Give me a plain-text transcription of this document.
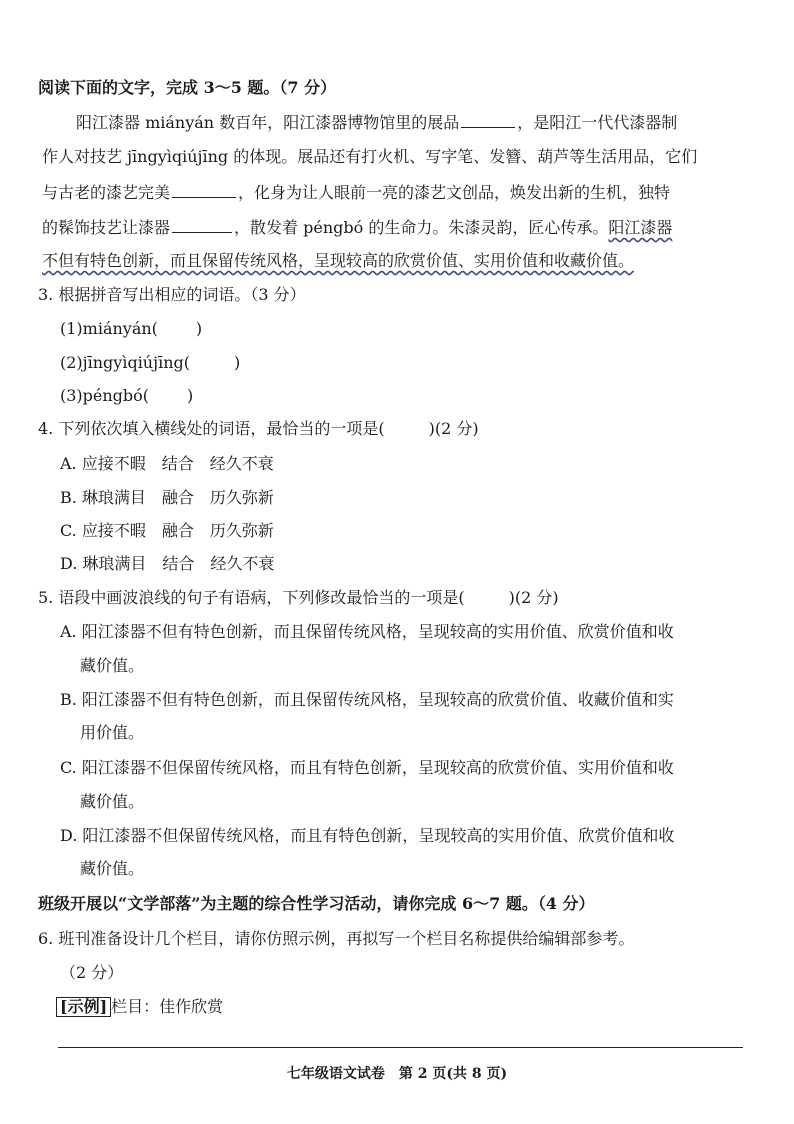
阅读下面的文字，完成 3～5 题。（7 分）
阳江漆器 miányán 数百年，阳江漆器博物馆里的展品	，是阳江一代代漆器制
作人对技艺 jīngyìqiújīng 的体现。展品还有打火机、写字笔、发簪、葫芦等生活用品，它们
与古老的漆艺完美	，化身为让人眼前一亮的漆艺文创品，焕发出新的生机，独特
的髹饰技艺让漆器	，散发着 péngbó 的生命力。朱漆灵韵，匠心传承。阳江漆器
不但有特色创新，而且保留传统风格，呈现较高的欣赏价值、实用价值和收藏价值。
3. 根据拼音写出相应的词语。（3 分）
(1)miányán( )
(2)jīngyìqiújīng(	)
(3)péngbó( )
4. 下列依次填入横线处的词语，最恰当的一项是(	)(2 分)
A. 应接不暇　结合　经久不衰
B. 琳琅满目　融合　历久弥新
C. 应接不暇　融合　历久弥新
D. 琳琅满目　结合　经久不衰
5. 语段中画波浪线的句子有语病，下列修改最恰当的一项是(	)(2 分)
A. 阳江漆器不但有特色创新，而且保留传统风格，呈现较高的实用价值、欣赏价值和收
藏价值。
B. 阳江漆器不但有特色创新，而且保留传统风格，呈现较高的欣赏价值、收藏价值和实
用价值。
C. 阳江漆器不但保留传统风格，而且有特色创新，呈现较高的欣赏价值、实用价值和收
藏价值。
D. 阳江漆器不但保留传统风格，而且有特色创新，呈现较高的实用价值、欣赏价值和收
藏价值。
班级开展以“文学部落”为主题的综合性学习活动，请你完成 6～7 题。（4 分）
6. 班刊准备设计几个栏目，请你仿照示例，再拟写一个栏目名称提供给编辑部参考。
（2 分）
[示例] 栏目：佳作欣赏
七年级语文试卷　第 2 页(共 8 页)
